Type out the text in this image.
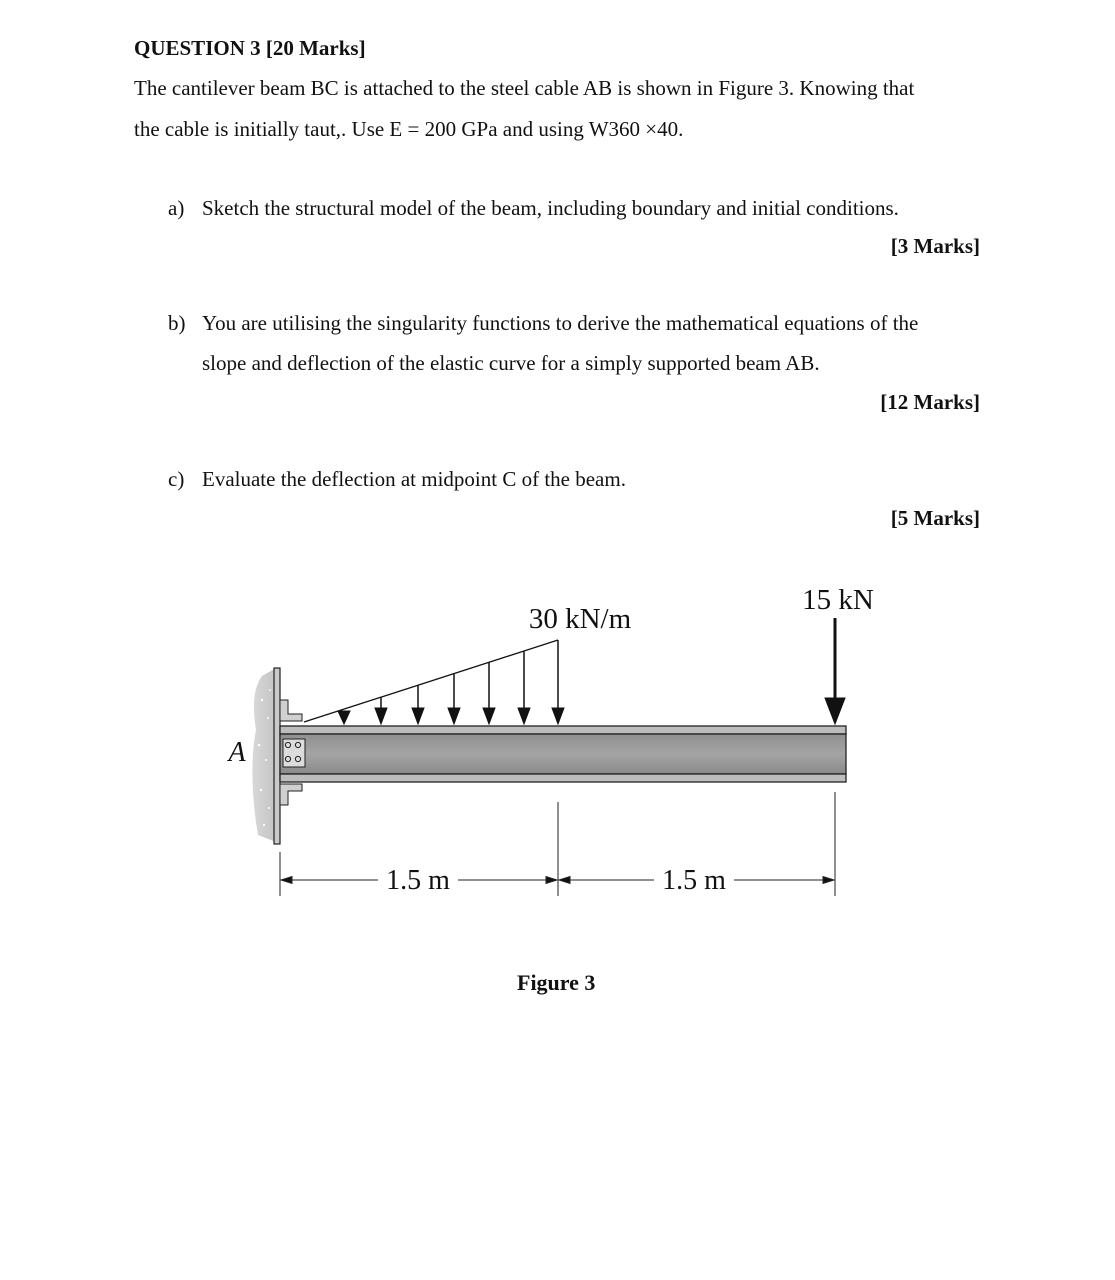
QUESTION 3 [20 Marks]
The cantilever beam BC is attached to the steel cable AB is shown in Figure 3. Knowing that
the cable is initially taut,. Use E = 200 GPa and using W360 ×40.
a) Sketch the structural model of the beam, including boundary and initial conditions.
[3 Marks]
b) You are utilising the singularity functions to derive the mathematical equations of the
slope and deflection of the elastic curve for a simply supported beam AB.
[12 Marks]
c) Evaluate the deflection at midpoint C of the beam.
[5 Marks]
30 kN/m
15 kN
A
1.5 m	1.5 m
Figure 3
